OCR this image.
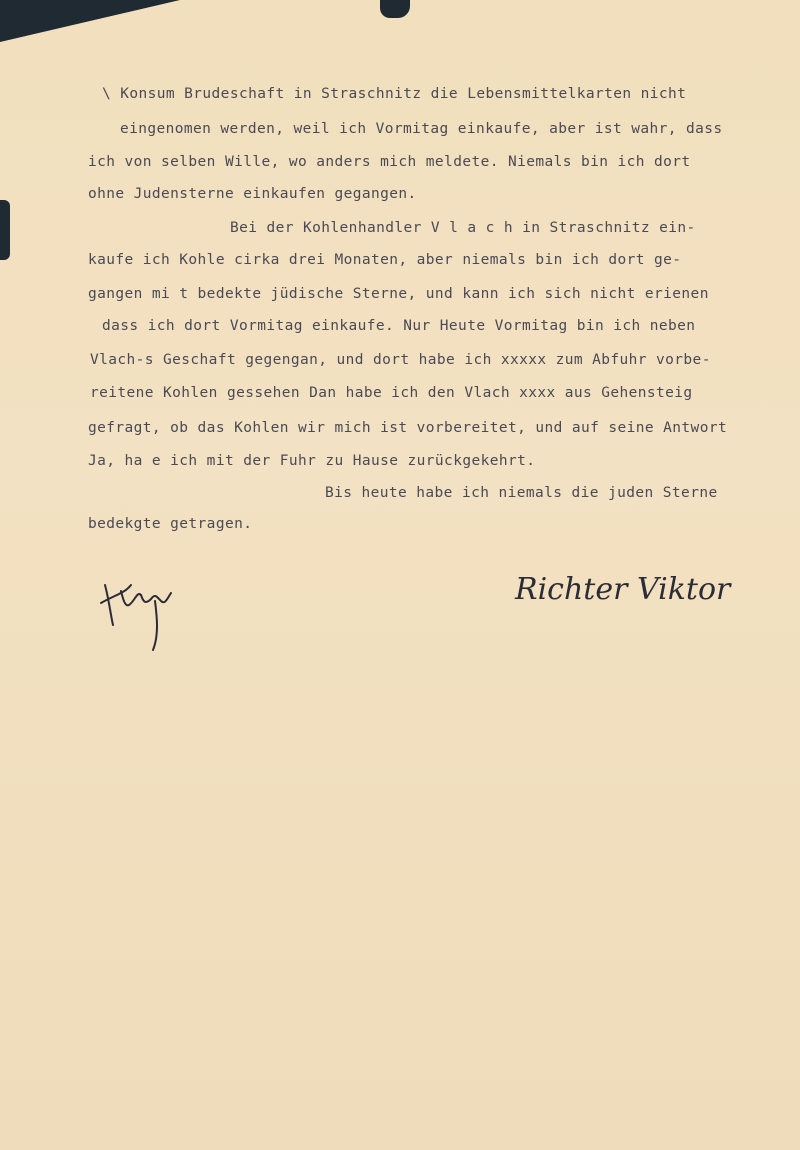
\ Konsum Brudeschaft in Straschnitz die Lebensmittelkarten nicht
eingenomen werden, weil ich Vormitag einkaufe, aber ist wahr, dass
ich von selben Wille, wo anders mich meldete. Niemals bin ich dort
ohne Judensterne einkaufen gegangen.
Bei der Kohlenhandler V l a c h in Straschnitz ein-
kaufe ich Kohle cirka drei Monaten, aber niemals bin ich dort ge-
gangen mi t bedekte jüdische Sterne, und kann ich sich nicht erienen
dass ich dort Vormitag einkaufe. Nur Heute Vormitag bin ich neben
Vlach-s Geschaft gegengan, und dort habe ich xxxxx zum Abfuhr vorbe-
reitene Kohlen gessehen Dan habe ich den Vlach xxxx aus Gehensteig
gefragt, ob das Kohlen wir mich ist vorbereitet, und auf seine Antwort
Ja, ha e ich mit der Fuhr zu Hause zurückgekehrt.
Bis heute habe ich niemals die juden Sterne
bedekgte getragen.
Richter Viktor
